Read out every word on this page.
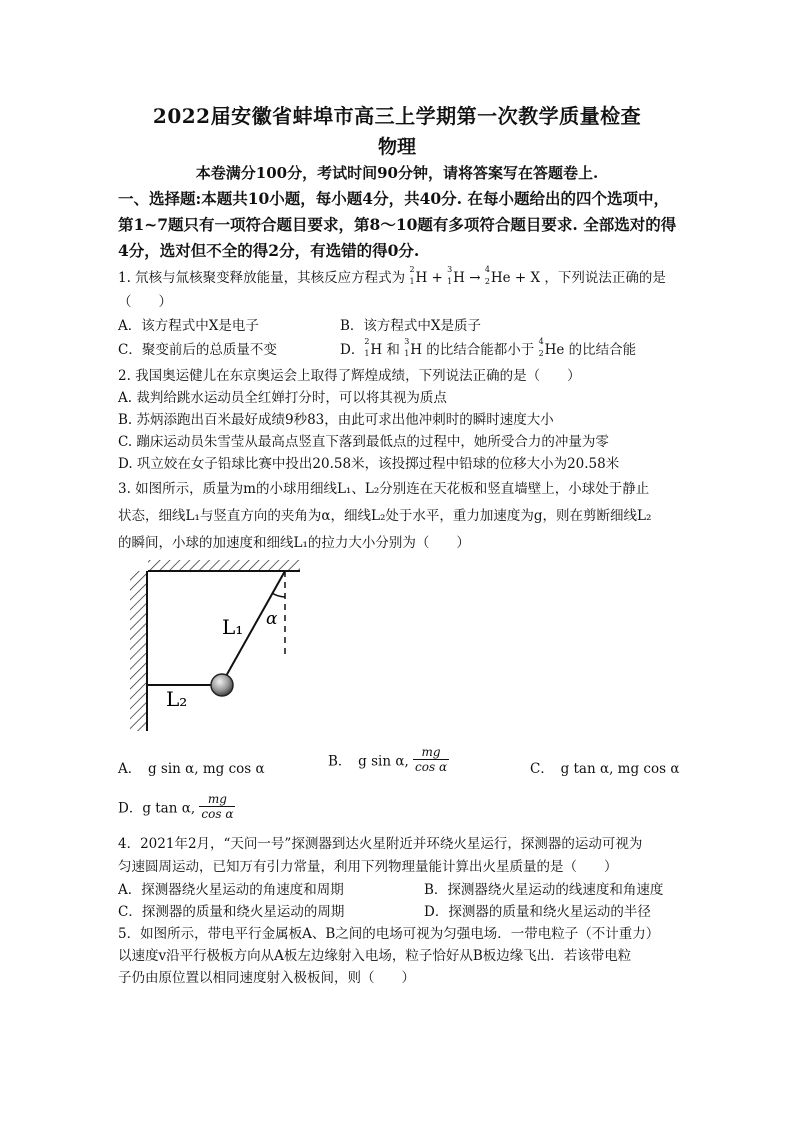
2022届安徽省蚌埠市高三上学期第一次教学质量检查
物理
本卷满分100分，考试时间90分钟，请将答案写在答题卷上.
一、选择题:本题共10小题，每小题4分，共40分. 在每小题给出的四个选项中，第1~7题只有一项符合题目要求，第8～10题有多项符合题目要求. 全部选对的得4分，选对但不全的得2分，有选错的得0分.
1. 氘核与氚核聚变释放能量，其核反应方程式为
2
1 H +
3
1 H →
4
2 He + X ，下列说法正确的是
（　　）
A．该方程式中X是电子	B．该方程式中X是质子
C．聚变前后的总质量不变	D．
2
1 H 和
3
1 H 的比结合能都小于
4
2 He 的比结合能
2. 我国奥运健儿在东京奥运会上取得了辉煌成绩，下列说法正确的是（　　）
A. 裁判给跳水运动员全红婵打分时，可以将其视为质点
B. 苏炳添跑出百米最好成绩9秒83，由此可求出他冲刺时的瞬时速度大小
C. 蹦床运动员朱雪莹从最高点竖直下落到最低点的过程中，她所受合力的冲量为零
D. 巩立姣在女子铅球比赛中投出20.58米，该投掷过程中铅球的位移大小为20.58米
3. 如图所示，质量为m的小球用细线L₁、L₂分别连在天花板和竖直墙壁上，小球处于静止
状态，细线L₁与竖直方向的夹角为α，细线L₂处于水平，重力加速度为g，则在剪断细线L₂
的瞬间，小球的加速度和细线L₁的拉力大小分别为（　　）
L₁
L₂
α
A．　g sin α, mg cos α	B．　g sin α, $\frac{mg}{\text{cos α}}$	C．　g tan α, mg cos α
D．g tan α, $\frac{mg}{\text{cos α}}$
4．2021年2月，“天问一号”探测器到达火星附近并环绕火星运行，探测器的运动可视为
匀速圆周运动，已知万有引力常量，利用下列物理量能计算出火星质量的是（　　）
A．探测器绕火星运动的角速度和周期	B．探测器绕火星运动的线速度和角速度
C．探测器的质量和绕火星运动的周期	D．探测器的质量和绕火星运动的半径
5．如图所示，带电平行金属板A、B之间的电场可视为匀强电场．一带电粒子（不计重力）
以速度v沿平行极板方向从A板左边缘射入电场，粒子恰好从B板边缘飞出．若该带电粒
子仍由原位置以相同速度射入极板间，则（　　）
